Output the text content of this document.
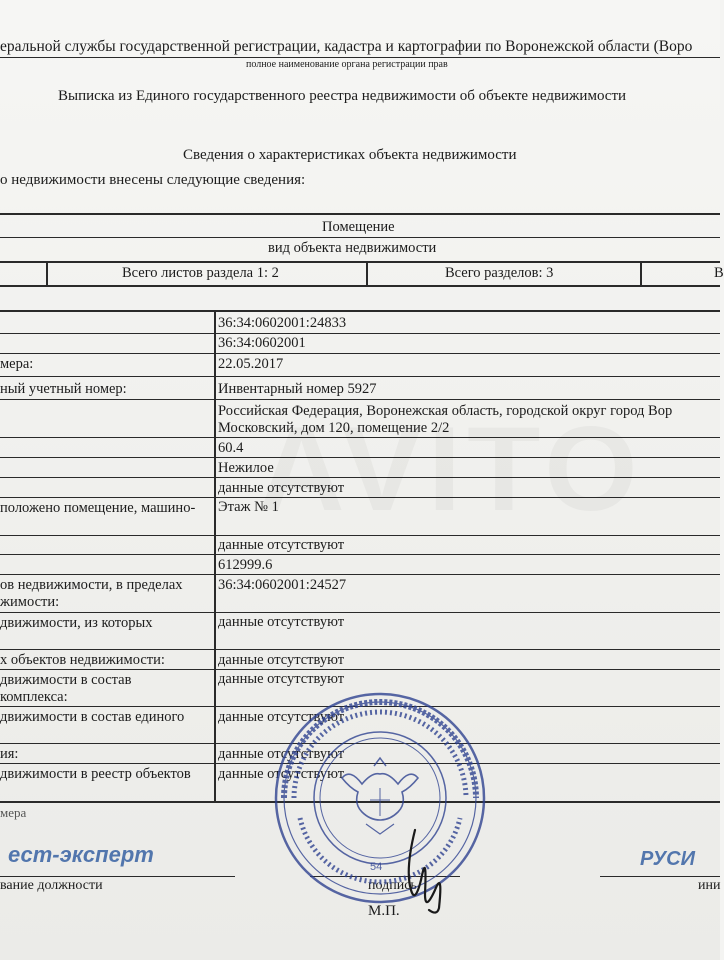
еральной службы государственной регистрации, кадастра и картографии по Воронежской области (Воро
полное наименование органа регистрации прав
Выписка из Единого государственного реестра недвижимости об объекте недвижимости
Сведения о характеристиках объекта недвижимости
о недвижимости внесены следующие сведения:
Помещение
вид объекта недвижимости
Всего листов раздела 1: 2	Всего разделов: 3	В
36:34:0602001:24833
36:34:0602001
мера:	22.05.2017
ный учетный номер:	Инвентарный номер 5927
Российская Федерация, Воронежская область, городской округ город Вор
Московский, дом 120, помещение 2/2
60.4
Нежилое
данные отсутствуют
положено помещение, машино- Этаж № 1
данные отсутствуют
612999.6
ов недвижимости, в пределах
жимости:
36:34:0602001:24527
движимости, из которых	данные отсутствуют
х объектов недвижимости:	данные отсутствуют
движимости в состав
комплекса:
данные отсутствуют
движимости в состав единого данные отсутствуют
ия:	данные отсутствуют
движимости в реестр объектов данные отсутствуют
мера
ест-эксперт	РУСИ
вание должности	подпись	ини
М.П.
54
